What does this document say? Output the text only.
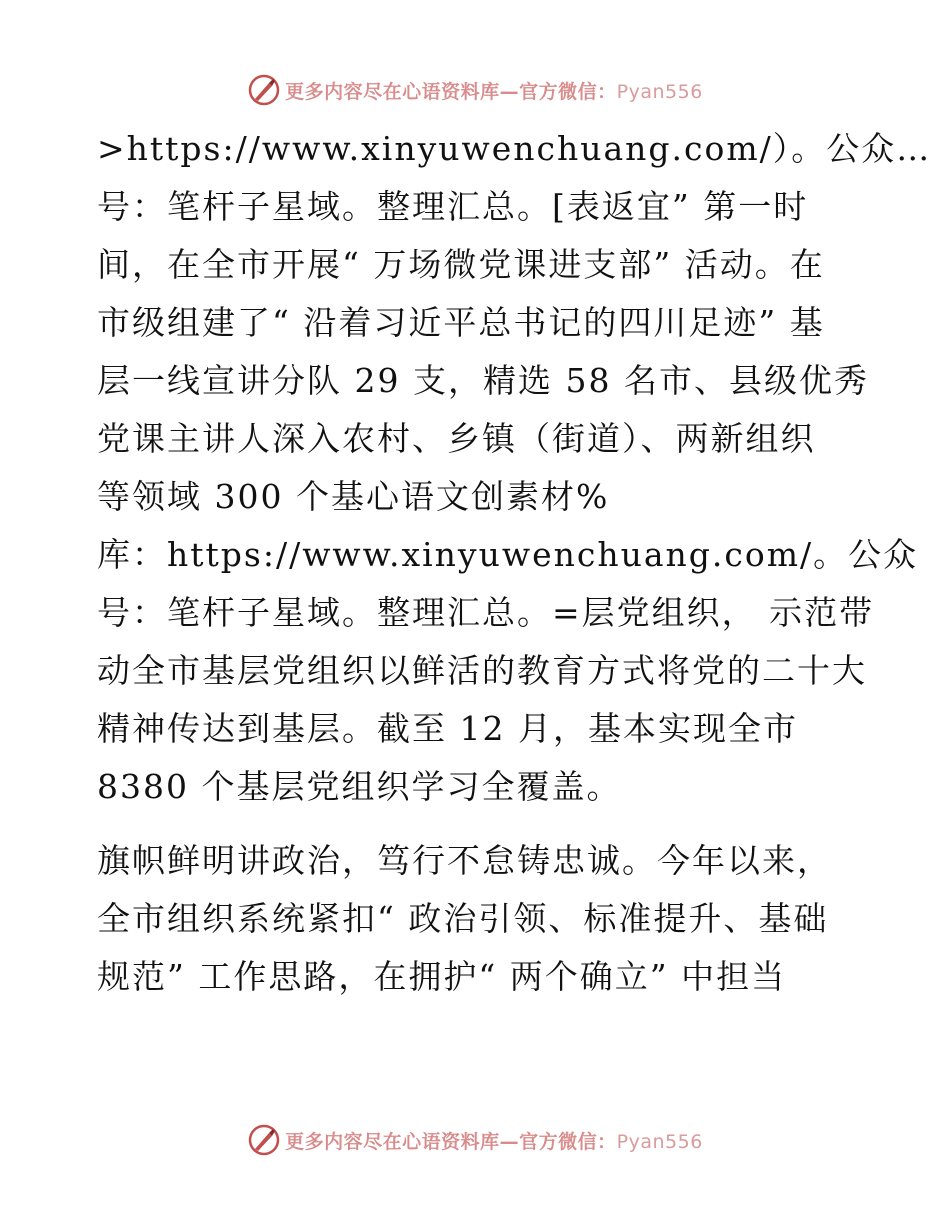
更多内容尽在心语资料库—官方微信：Pyan556
>https://www.xinyuwenchuang.com/）。公众…
号：笔杆子星域。整理汇总。[表返宜” 第一时
间，在全市开展“ 万场微党课进支部” 活动。在
市级组建了“ 沿着习近平总书记的四川足迹” 基
层一线宣讲分队 29 支，精选 58 名市、县级优秀
党课主讲人深入农村、乡镇（街道）、两新组织
等领域 300 个基心语文创素材%
库：https://www.xinyuwenchuang.com/。公众
号：笔杆子星域。整理汇总。=层党组织， 示范带
动全市基层党组织以鲜活的教育方式将党的二十大
精神传达到基层。截至 12 月，基本实现全市
8380 个基层党组织学习全覆盖。
旗帜鲜明讲政治，笃行不怠铸忠诚。今年以来，
全市组织系统紧扣“ 政治引领、标准提升、基础
规范” 工作思路，在拥护“ 两个确立” 中担当
更多内容尽在心语资料库—官方微信：Pyan556
